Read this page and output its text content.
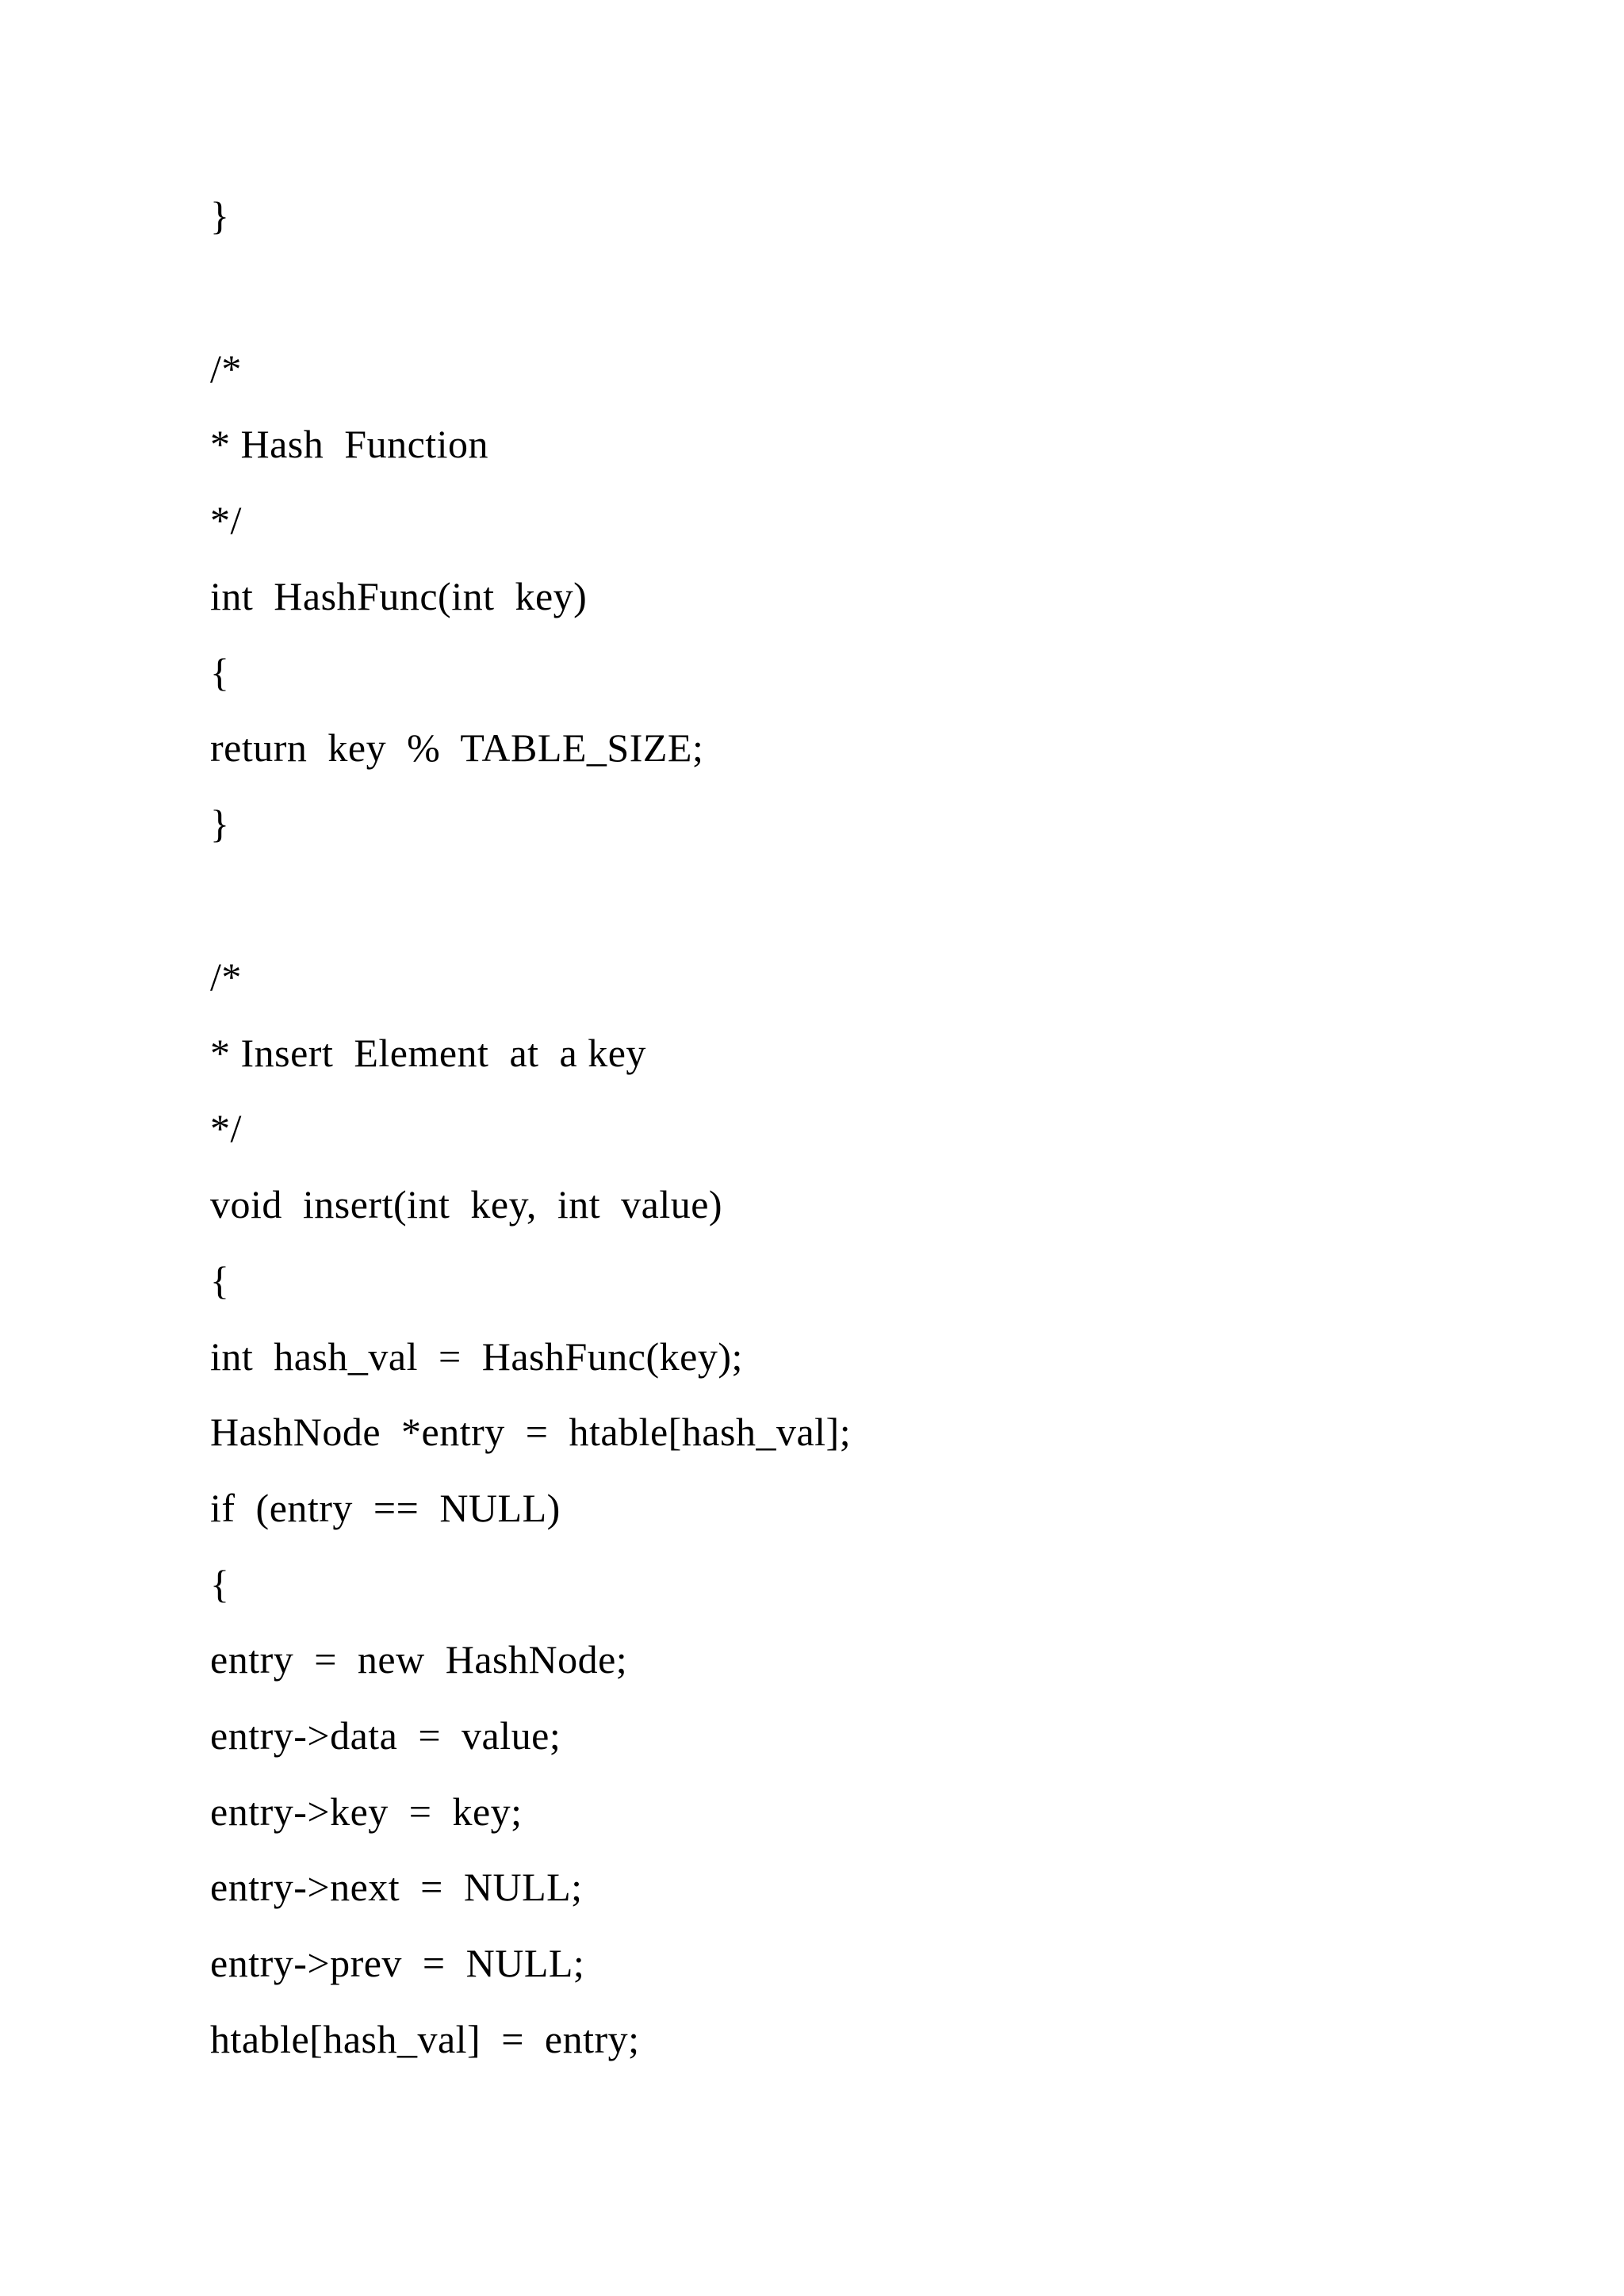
}
/*
* Hash  Function
*/
int  HashFunc(int  key)
{
return  key  %  TABLE_SIZE;
}
/*
* Insert  Element  at  a key
*/
void  insert(int  key,  int  value)
{
int  hash_val  =  HashFunc(key);
HashNode  *entry  =  htable[hash_val];
if  (entry  ==  NULL)
{
entry  =  new  HashNode;
entry->data  =  value;
entry->key  =  key;
entry->next  =  NULL;
entry->prev  =  NULL;
htable[hash_val]  =  entry;
